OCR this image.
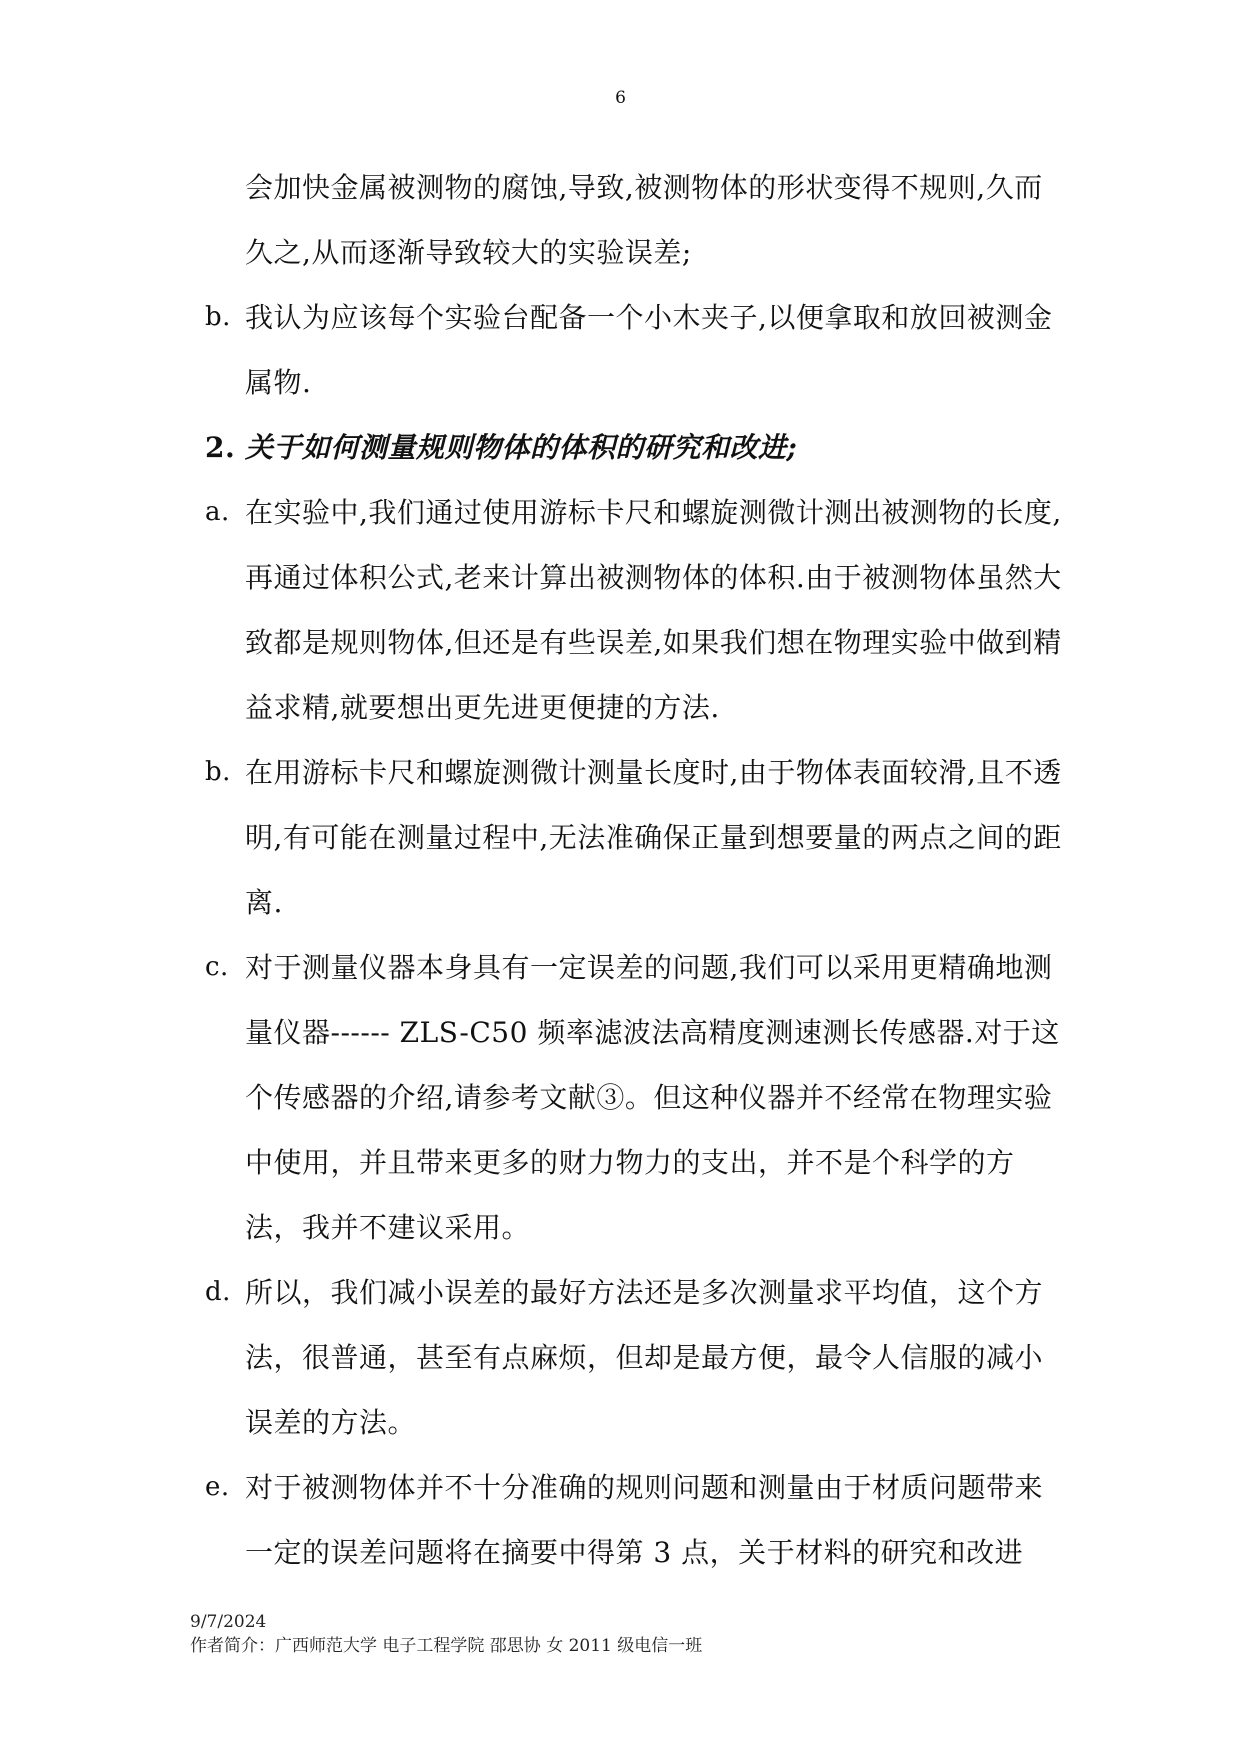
6
会加快金属被测物的腐蚀,导致,被测物体的形状变得不规则,久而久之,从而逐渐导致较大的实验误差;
b. 我认为应该每个实验台配备一个小木夹子,以便拿取和放回被测金属物.
2. 关于如何测量规则物体的体积的研究和改进;
a. 在实验中,我们通过使用游标卡尺和螺旋测微计测出被测物的长度,再通过体积公式,老来计算出被测物体的体积.由于被测物体虽然大致都是规则物体,但还是有些误差,如果我们想在物理实验中做到精益求精,就要想出更先进更便捷的方法.
b. 在用游标卡尺和螺旋测微计测量长度时,由于物体表面较滑,且不透明,有可能在测量过程中,无法准确保正量到想要量的两点之间的距离.
c. 对于测量仪器本身具有一定误差的问题,我们可以采用更精确地测量仪器------ ZLS-C50 频率滤波法高精度测速测长传感器.对于这个传感器的介绍,请参考文献③。但这种仪器并不经常在物理实验中使用，并且带来更多的财力物力的支出，并不是个科学的方法，我并不建议采用。
d. 所以，我们减小误差的最好方法还是多次测量求平均值，这个方法，很普通，甚至有点麻烦，但却是最方便，最令人信服的减小误差的方法。
e. 对于被测物体并不十分准确的规则问题和测量由于材质问题带来一定的误差问题将在摘要中得第 3 点，关于材料的研究和改进
9/7/2024
作者简介：广西师范大学 电子工程学院 邵思协 女 2011 级电信一班
